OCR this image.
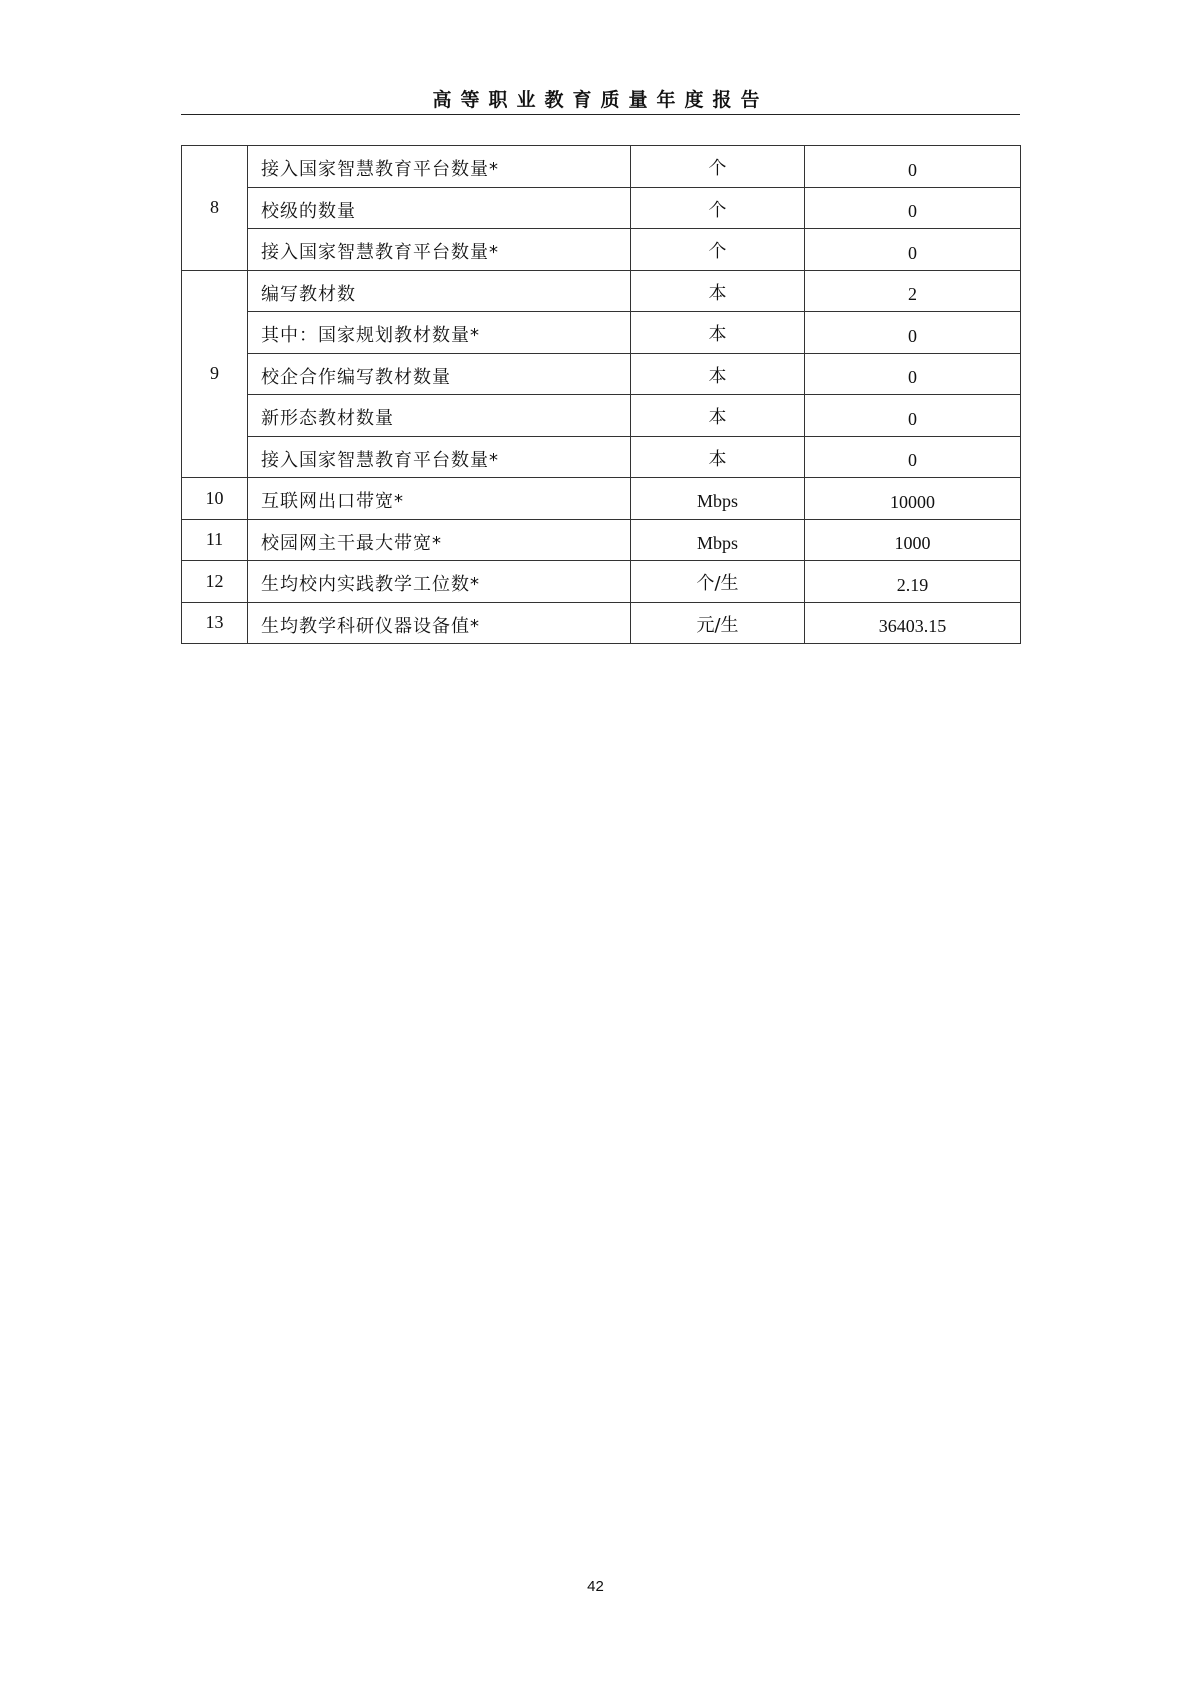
高等职业教育质量年度报告
8	接入国家智慧教育平台数量*	个	0
	校级的数量	个	0
	接入国家智慧教育平台数量*	个	0
9	编写教材数	本	2
	其中：国家规划教材数量*	本	0
	校企合作编写教材数量	本	0
	新形态教材数量	本	0
	接入国家智慧教育平台数量*	本	0
10	互联网出口带宽*	Mbps	10000
11	校园网主干最大带宽*	Mbps	1000
12	生均校内实践教学工位数*	个/生	2.19
13	生均教学科研仪器设备值*	元/生	36403.15
42
